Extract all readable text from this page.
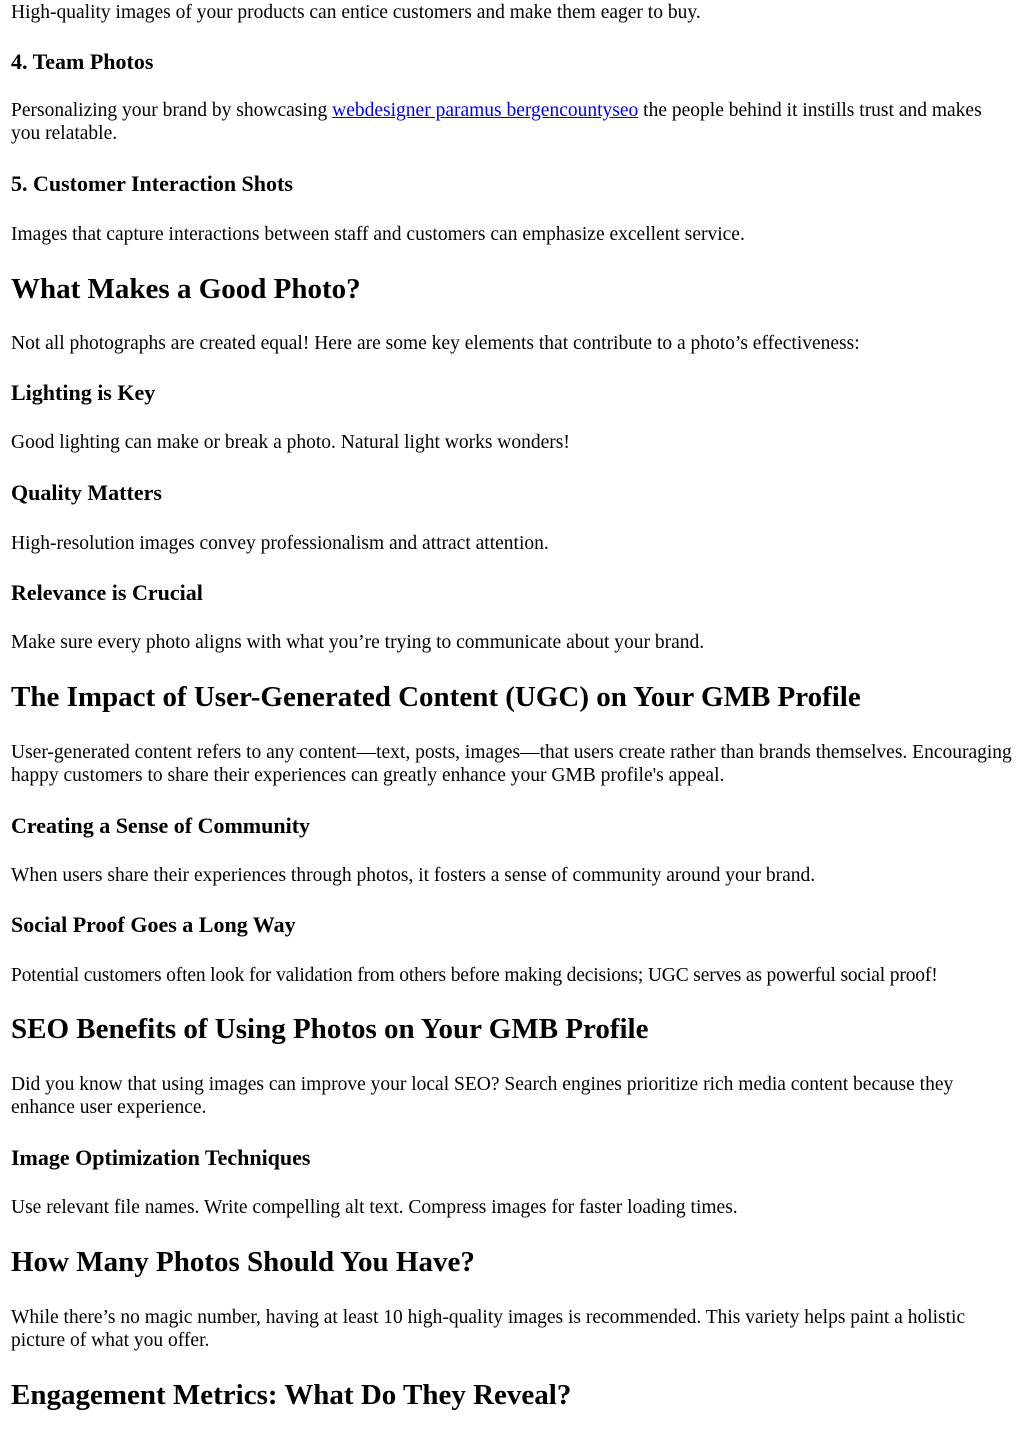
High-quality images of your products can entice customers and make them eager to buy.

4. Team Photos

Personalizing your brand by showcasing webdesigner paramus bergencountyseo the people behind it instills trust and makes you relatable.

5. Customer Interaction Shots

Images that capture interactions between staff and customers can emphasize excellent service.

What Makes a Good Photo?

Not all photographs are created equal! Here are some key elements that contribute to a photo’s effectiveness:

Lighting is Key

Good lighting can make or break a photo. Natural light works wonders!

Quality Matters

High-resolution images convey professionalism and attract attention.

Relevance is Crucial

Make sure every photo aligns with what you’re trying to communicate about your brand.

The Impact of User-Generated Content (UGC) on Your GMB Profile

User-generated content refers to any content—text, posts, images—that users create rather than brands themselves. Encouraging happy customers to share their experiences can greatly enhance your GMB profile's appeal.

Creating a Sense of Community

When users share their experiences through photos, it fosters a sense of community around your brand.

Social Proof Goes a Long Way

Potential customers often look for validation from others before making decisions; UGC serves as powerful social proof!

SEO Benefits of Using Photos on Your GMB Profile

Did you know that using images can improve your local SEO? Search engines prioritize rich media content because they enhance user experience.

Image Optimization Techniques

Use relevant file names. Write compelling alt text. Compress images for faster loading times.

How Many Photos Should You Have?

While there’s no magic number, having at least 10 high-quality images is recommended. This variety helps paint a holistic picture of what you offer.

Engagement Metrics: What Do They Reveal?
